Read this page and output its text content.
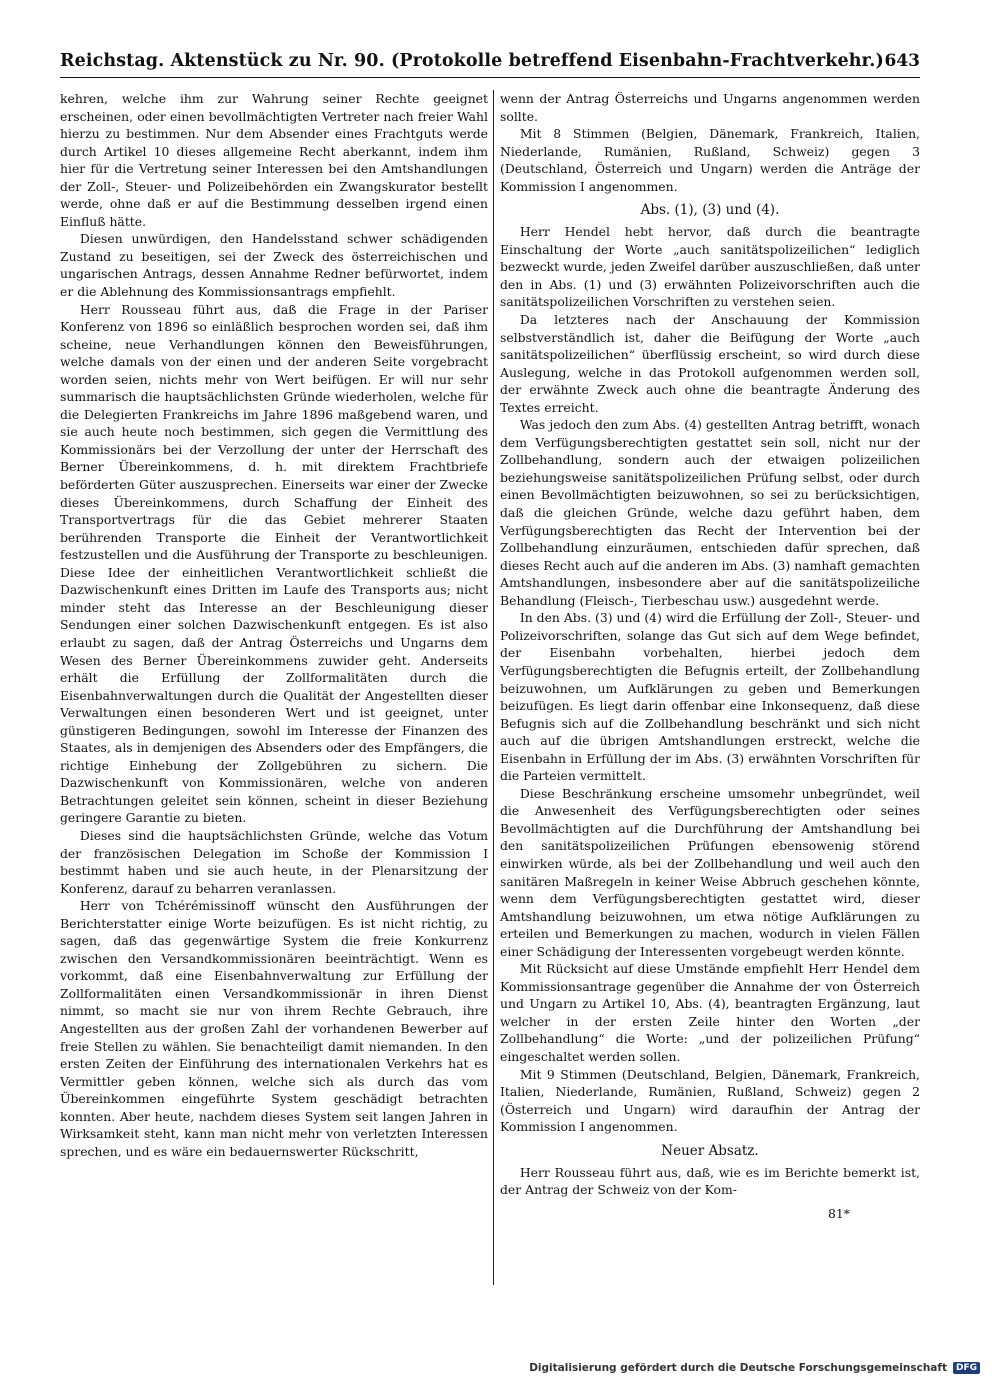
Reichstag. Aktenstück zu Nr. 90. (Protokolle betreffend Eisenbahn-Frachtverkehr.) 643

kehren, welche ihm zur Wahrung seiner Rechte geeignet erscheinen, oder einen bevollmächtigten Vertreter nach freier Wahl hierzu zu bestimmen. Nur dem Absender eines Frachtguts werde durch Artikel 10 dieses allgemeine Recht aberkannt, indem ihm hier für die Vertretung seiner Interessen bei den Amtshandlungen der Zoll-, Steuer- und Polizeibehörden ein Zwangskurator bestellt werde, ohne daß er auf die Bestimmung desselben irgend einen Einfluß hätte.

Diesen unwürdigen, den Handelsstand schwer schädigenden Zustand zu beseitigen, sei der Zweck des österreichischen und ungarischen Antrags, dessen Annahme Redner befürwortet, indem er die Ablehnung des Kommissionsantrags empfiehlt.

Herr Rousseau führt aus, daß die Frage in der Pariser Konferenz von 1896 so einläßlich besprochen worden sei, daß ihm scheine, neue Verhandlungen können den Beweisführungen, welche damals von der einen und der anderen Seite vorgebracht worden seien, nichts mehr von Wert beifügen. Er will nur sehr summarisch die hauptsächlichsten Gründe wiederholen, welche für die Delegierten Frankreichs im Jahre 1896 maßgebend waren, und sie auch heute noch bestimmen, sich gegen die Vermittlung des Kommissionärs bei der Verzollung der unter der Herrschaft des Berner Übereinkommens, d. h. mit direktem Frachtbriefe beförderten Güter auszusprechen. Einerseits war einer der Zwecke dieses Übereinkommens, durch Schaffung der Einheit des Transportvertrags für die das Gebiet mehrerer Staaten berührenden Transporte die Einheit der Verantwortlichkeit festzustellen und die Ausführung der Transporte zu beschleunigen. Diese Idee der einheitlichen Verantwortlichkeit schließt die Dazwischenkunft eines Dritten im Laufe des Transports aus; nicht minder steht das Interesse an der Beschleunigung dieser Sendungen einer solchen Dazwischenkunft entgegen. Es ist also erlaubt zu sagen, daß der Antrag Österreichs und Ungarns dem Wesen des Berner Übereinkommens zuwider geht. Anderseits erhält die Erfüllung der Zollformalitäten durch die Eisenbahnverwaltungen durch die Qualität der Angestellten dieser Verwaltungen einen besonderen Wert und ist geeignet, unter günstigeren Bedingungen, sowohl im Interesse der Finanzen des Staates, als in demjenigen des Absenders oder des Empfängers, die richtige Einhebung der Zollgebühren zu sichern. Die Dazwischenkunft von Kommissionären, welche von anderen Betrachtungen geleitet sein können, scheint in dieser Beziehung geringere Garantie zu bieten.

Dieses sind die hauptsächlichsten Gründe, welche das Votum der französischen Delegation im Schoße der Kommission I bestimmt haben und sie auch heute, in der Plenarsitzung der Konferenz, darauf zu beharren veranlassen.

Herr von Tchérémissinoff wünscht den Ausführungen der Berichterstatter einige Worte beizufügen. Es ist nicht richtig, zu sagen, daß das gegenwärtige System die freie Konkurrenz zwischen den Versandkommissionären beeinträchtigt. Wenn es vorkommt, daß eine Eisenbahnverwaltung zur Erfüllung der Zollformalitäten einen Versandkommissionär in ihren Dienst nimmt, so macht sie nur von ihrem Rechte Gebrauch, ihre Angestellten aus der großen Zahl der vorhandenen Bewerber auf freie Stellen zu wählen. Sie benachteiligt damit niemanden. In den ersten Zeiten der Einführung des internationalen Verkehrs hat es Vermittler geben können, welche sich als durch das vom Übereinkommen eingeführte System geschädigt betrachten konnten. Aber heute, nachdem dieses System seit langen Jahren in Wirksamkeit steht, kann man nicht mehr von verletzten Interessen sprechen, und es wäre ein bedauernswerter Rückschritt,

wenn der Antrag Österreichs und Ungarns angenommen werden sollte.

Mit 8 Stimmen (Belgien, Dänemark, Frankreich, Italien, Niederlande, Rumänien, Rußland, Schweiz) gegen 3 (Deutschland, Österreich und Ungarn) werden die Anträge der Kommission I angenommen.

Abs. (1), (3) und (4).

Herr Hendel hebt hervor, daß durch die beantragte Einschaltung der Worte „auch sanitätspolizeilichen“ lediglich bezweckt wurde, jeden Zweifel darüber auszuschließen, daß unter den in Abs. (1) und (3) erwähnten Polizeivorschriften auch die sanitätspolizeilichen Vorschriften zu verstehen seien.

Da letzteres nach der Anschauung der Kommission selbstverständlich ist, daher die Beifügung der Worte „auch sanitätspolizeilichen“ überflüssig erscheint, so wird durch diese Auslegung, welche in das Protokoll aufgenommen werden soll, der erwähnte Zweck auch ohne die beantragte Änderung des Textes erreicht.

Was jedoch den zum Abs. (4) gestellten Antrag betrifft, wonach dem Verfügungsberechtigten gestattet sein soll, nicht nur der Zollbehandlung, sondern auch der etwaigen polizeilichen beziehungsweise sanitätspolizeilichen Prüfung selbst, oder durch einen Bevollmächtigten beizuwohnen, so sei zu berücksichtigen, daß die gleichen Gründe, welche dazu geführt haben, dem Verfügungsberechtigten das Recht der Intervention bei der Zollbehandlung einzuräumen, entschieden dafür sprechen, daß dieses Recht auch auf die anderen im Abs. (3) namhaft gemachten Amtshandlungen, insbesondere aber auf die sanitätspolizeiliche Behandlung (Fleisch-, Tierbeschau usw.) ausgedehnt werde.

In den Abs. (3) und (4) wird die Erfüllung der Zoll-, Steuer- und Polizeivorschriften, solange das Gut sich auf dem Wege befindet, der Eisenbahn vorbehalten, hierbei jedoch dem Verfügungsberechtigten die Befugnis erteilt, der Zollbehandlung beizuwohnen, um Aufklärungen zu geben und Bemerkungen beizufügen. Es liegt darin offenbar eine Inkonsequenz, daß diese Befugnis sich auf die Zollbehandlung beschränkt und sich nicht auch auf die übrigen Amtshandlungen erstreckt, welche die Eisenbahn in Erfüllung der im Abs. (3) erwähnten Vorschriften für die Parteien vermittelt.

Diese Beschränkung erscheine umsomehr unbegründet, weil die Anwesenheit des Verfügungsberechtigten oder seines Bevollmächtigten auf die Durchführung der Amtshandlung bei den sanitätspolizeilichen Prüfungen ebensowenig störend einwirken würde, als bei der Zollbehandlung und weil auch den sanitären Maßregeln in keiner Weise Abbruch geschehen könnte, wenn dem Verfügungsberechtigten gestattet wird, dieser Amtshandlung beizuwohnen, um etwa nötige Aufklärungen zu erteilen und Bemerkungen zu machen, wodurch in vielen Fällen einer Schädigung der Interessenten vorgebeugt werden könnte.

Mit Rücksicht auf diese Umstände empfiehlt Herr Hendel dem Kommissionsantrage gegenüber die Annahme der von Österreich und Ungarn zu Artikel 10, Abs. (4), beantragten Ergänzung, laut welcher in der ersten Zeile hinter den Worten „der Zollbehandlung“ die Worte: „und der polizeilichen Prüfung“ eingeschaltet werden sollen.

Mit 9 Stimmen (Deutschland, Belgien, Dänemark, Frankreich, Italien, Niederlande, Rumänien, Rußland, Schweiz) gegen 2 (Österreich und Ungarn) wird daraufhin der Antrag der Kommission I angenommen.

Neuer Absatz.

Herr Rousseau führt aus, daß, wie es im Berichte bemerkt ist, der Antrag der Schweiz von der Kom-

81*

Digitalisierung gefördert durch die Deutsche Forschungsgemeinschaft	DFG
